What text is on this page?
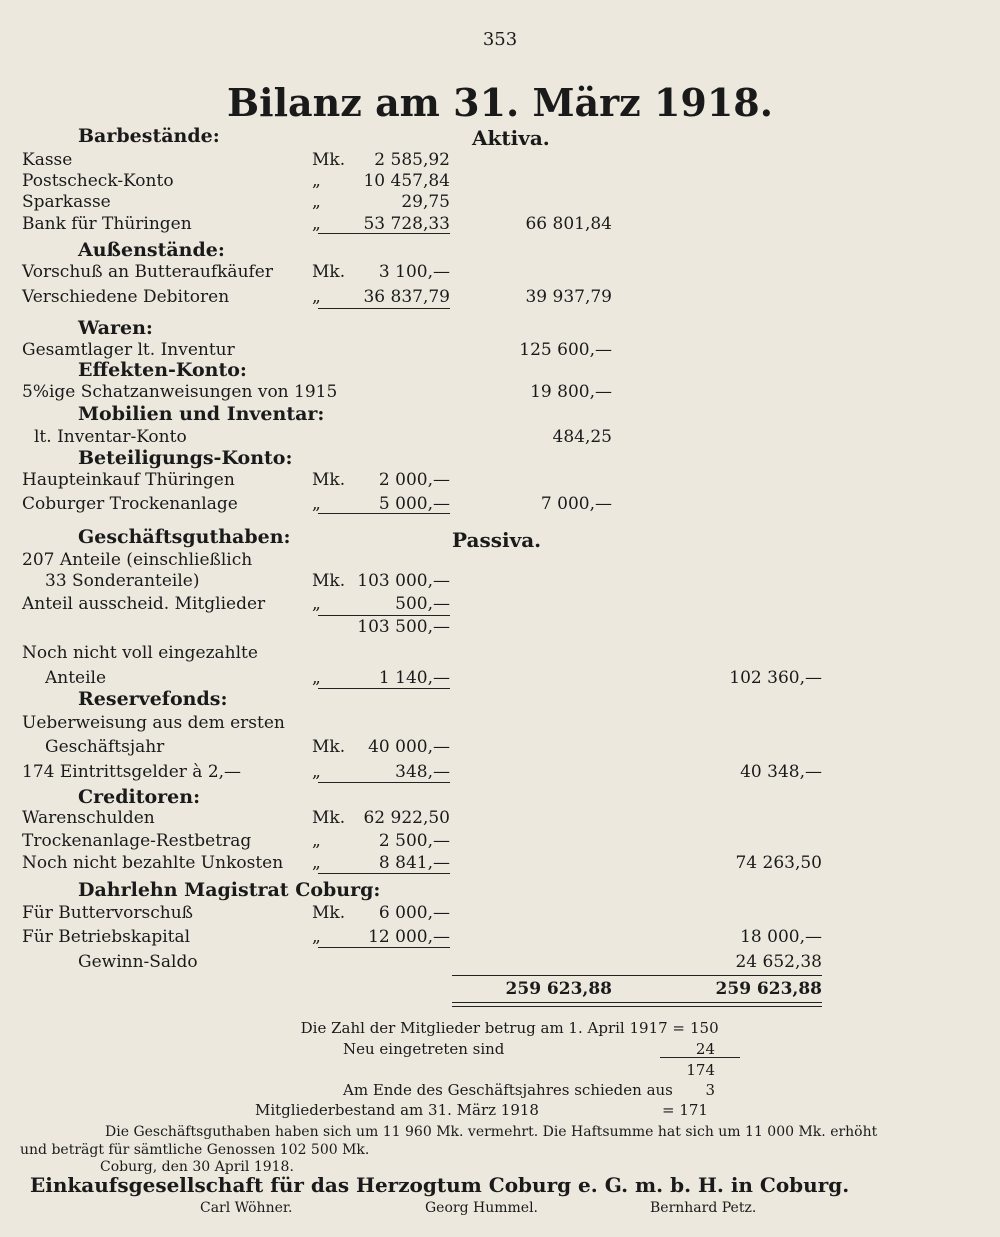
353
Bilanz am 31. März 1918.
Aktiva.
Passiva.
Barbestände:
Kasse	Mk.	2 585,92
Postscheck-Konto	„	10 457,84
Sparkasse	„	29,75
Bank für Thüringen	„	53 728,33	66 801,84
Außenstände:
Vorschuß an Butteraufkäufer Mk.	3 100,—
Verschiedene Debitoren	„	36 837,79	39 937,79
Waren:
Gesamtlager lt. Inventur	125 600,—
Effekten-Konto:
5%ige Schatzanweisungen von 1915	19 800,—
Mobilien und Inventar:
lt. Inventar-Konto	484,25
Beteiligungs-Konto:
Haupteinkauf Thüringen	Mk.	2 000,—
Coburger Trockenanlage	„	5 000,—	7 000,—
Geschäftsguthaben:
207 Anteile (einschließlich
33 Sonderanteile)	Mk. 103 000,—
Anteil ausscheid. Mitglieder	„	500,—
103 500,—
Noch nicht voll eingezahlte
Anteile	„	1 140,—	102 360,—
Reservefonds:
Ueberweisung aus dem ersten
Geschäftsjahr	Mk.	40 000,—
174 Eintrittsgelder à 2,—	„	348,—	40 348,—
Creditoren:
Warenschulden	Mk.	62 922,50
Trockenanlage-Restbetrag	„	2 500,—
Noch nicht bezahlte Unkosten „	8 841,—	74 263,50
Dahrlehn Magistrat Coburg:
Für Buttervorschuß	Mk.	6 000,—
Für Betriebskapital	„	12 000,—	18 000,—
Gewinn-Saldo	24 652,38
259 623,88	259 623,88
Die Zahl der Mitglieder betrug am 1. April 1917 = 150
Neu eingetreten sind	24
174
Am Ende des Geschäftsjahres schieden aus	3
Mitgliederbestand am 31. März 1918	= 171
Die Geschäftsguthaben haben sich um 11 960 Mk. vermehrt. Die Haftsumme hat sich um 11 000 Mk. erhöht
und beträgt für sämtliche Genossen 102 500 Mk.
Coburg, den 30 April 1918.
Einkaufsgesellschaft für das Herzogtum Coburg e. G. m. b. H. in Coburg.
Carl Wöhner.	Georg Hummel.	Bernhard Petz.
